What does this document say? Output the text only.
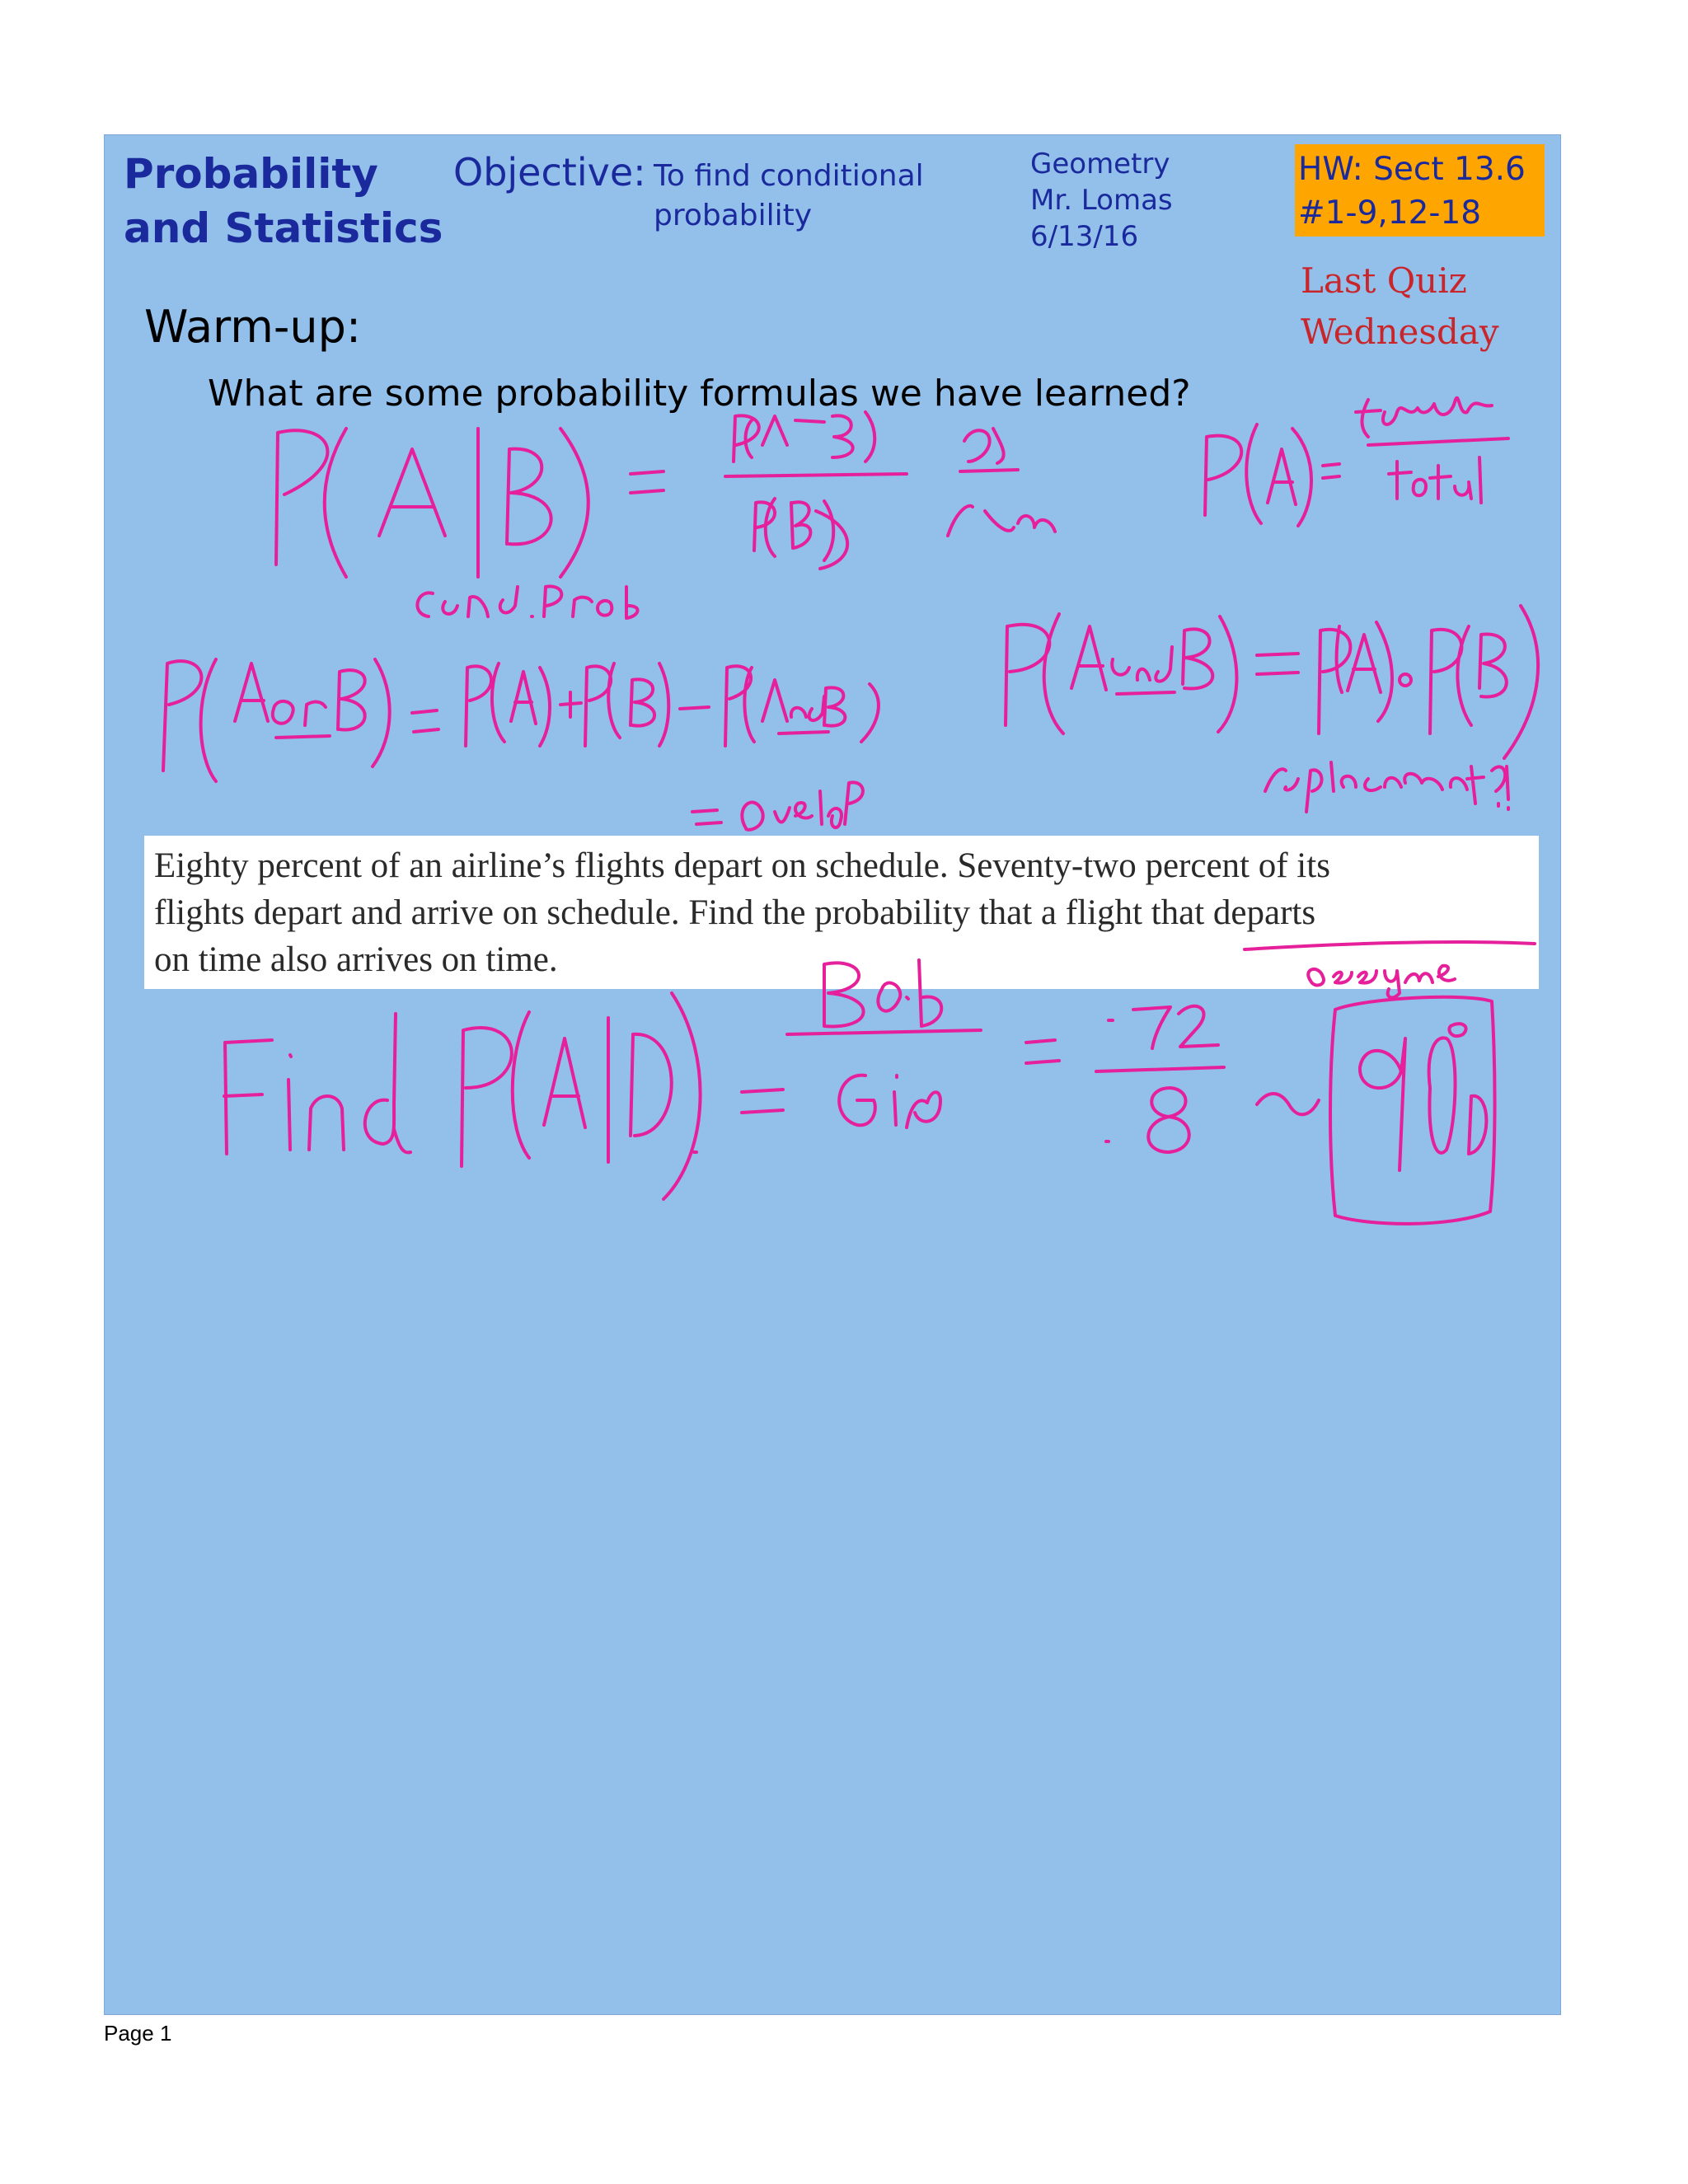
Probability
and Statistics
Objective: To find conditional
probability
Geometry
Mr. Lomas
6/13/16
HW: Sect 13.6
#1-9,12-18
Last Quiz
Wednesday
Warm-up:
What are some probability formulas we have learned?
Eighty percent of an airline’s flights depart on schedule. Seventy-two percent of its
flights depart and arrive on schedule. Find the probability that a flight that departs
on time also arrives on time.
Page 1
